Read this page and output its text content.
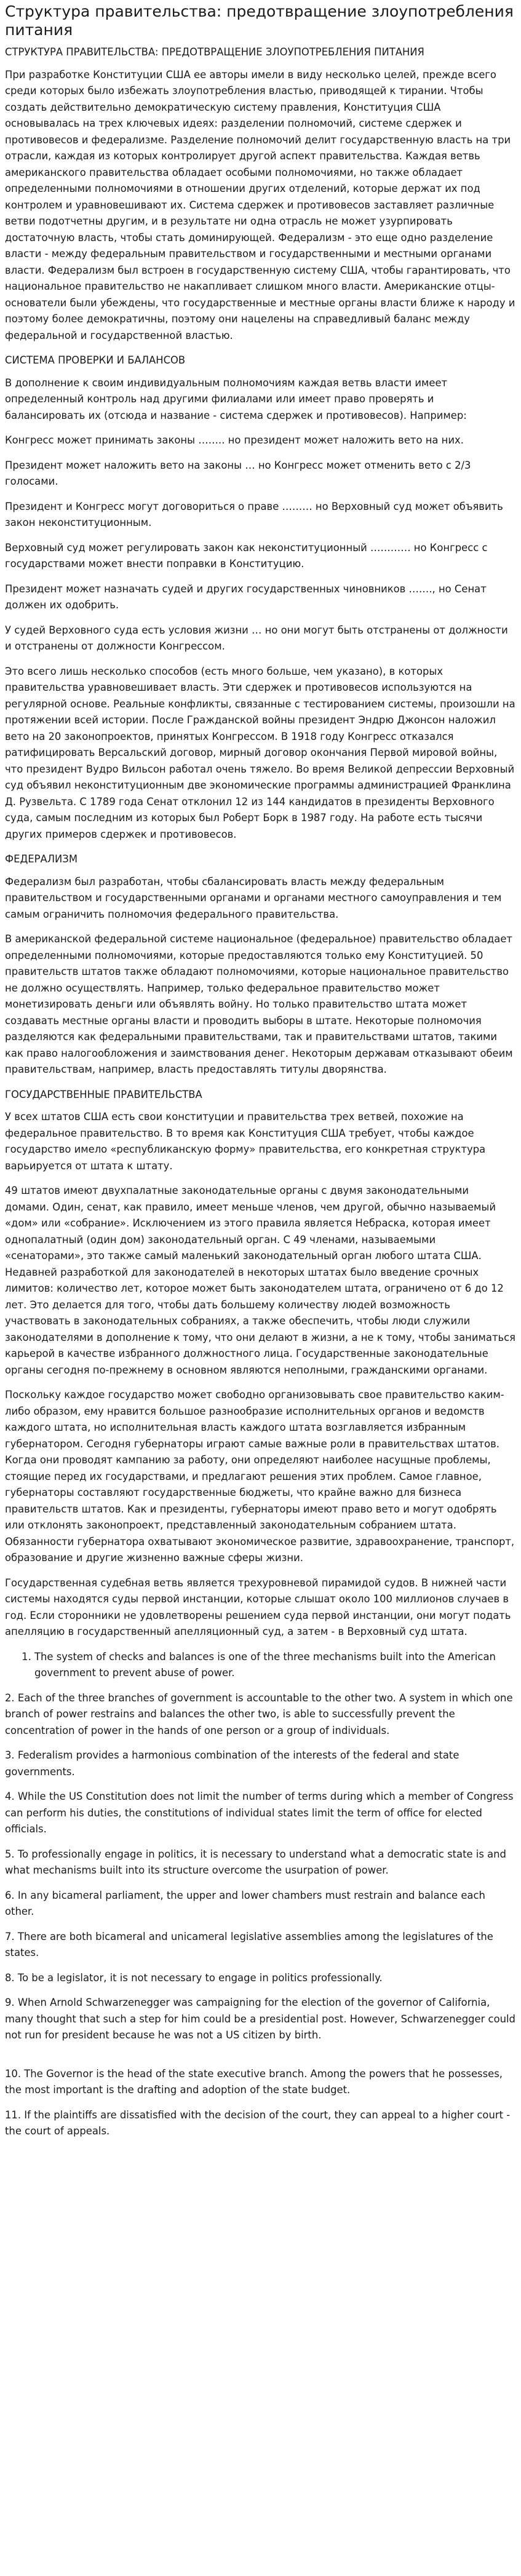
Структура правительства: предотвращение злоупотребления питания

СТРУКТУРА ПРАВИТЕЛЬСТВА: ПРЕДОТВРАЩЕНИЕ ЗЛОУПОТРЕБЛЕНИЯ ПИТАНИЯ

При разработке Конституции США ее авторы имели в виду несколько целей, прежде всего среди которых было избежать злоупотребления властью, приводящей к тирании. Чтобы создать действительно демократическую систему правления, Конституция США основывалась на трех ключевых идеях: разделении полномочий, системе сдержек и противовесов и федерализме. Разделение полномочий делит государственную власть на три отрасли, каждая из которых контролирует другой аспект правительства. Каждая ветвь американского правительства обладает особыми полномочиями, но также обладает определенными полномочиями в отношении других отделений, которые держат их под контролем и уравновешивают их. Система сдержек и противовесов заставляет различные ветви подотчетны другим, и в результате ни одна отрасль не может узурпировать достаточную власть, чтобы стать доминирующей. Федерализм - это еще одно разделение власти - между федеральным правительством и государственными и местными органами власти. Федерализм был встроен в государственную систему США, чтобы гарантировать, что национальное правительство не накапливает слишком много власти. Американские отцы-основатели были убеждены, что государственные и местные органы власти ближе к народу и поэтому более демократичны, поэтому они нацелены на справедливый баланс между федеральной и государственной властью.

СИСТЕМА ПРОВЕРКИ И БАЛАНСОВ

В дополнение к своим индивидуальным полномочиям каждая ветвь власти имеет определенный контроль над другими филиалами или имеет право проверять и балансировать их (отсюда и название - система сдержек и противовесов). Например:

Конгресс может принимать законы …….. но президент может наложить вето на них.

Президент может наложить вето на законы … но Конгресс может отменить вето с 2/3 голосами.

Президент и Конгресс могут договориться о праве ……… но Верховный суд может объявить закон неконституционным.

Верховный суд может регулировать закон как неконституционный ………… но Конгресс с государствами может внести поправки в Конституцию.

Президент может назначать судей и других государственных чиновников ……., но Сенат должен их одобрить.

У судей Верховного суда есть условия жизни … но они могут быть отстранены от должности и отстранены от должности Конгрессом.

Это всего лишь несколько способов (есть много больше, чем указано), в которых правительства уравновешивает власть. Эти сдержек и противовесов используются на регулярной основе. Реальные конфликты, связанные с тестированием системы, произошли на протяжении всей истории. После Гражданской войны президент Эндрю Джонсон наложил вето на 20 законопроектов, принятых Конгрессом. В 1918 году Конгресс отказался ратифицировать Версальский договор, мирный договор окончания Первой мировой войны, что президент Вудро Вильсон работал очень тяжело. Во время Великой депрессии Верховный суд объявил неконституционным две экономические программы администрацией Франклина Д. Рузвельта. С 1789 года Сенат отклонил 12 из 144 кандидатов в президенты Верховного суда, самым последним из которых был Роберт Борк в 1987 году. На работе есть тысячи других примеров сдержек и противовесов.

ФЕДЕРАЛИЗМ

Федерализм был разработан, чтобы сбалансировать власть между федеральным правительством и государственными органами и органами местного самоуправления и тем самым ограничить полномочия федерального правительства.

В американской федеральной системе национальное (федеральное) правительство обладает определенными полномочиями, которые предоставляются только ему Конституцией. 50 правительств штатов также обладают полномочиями, которые национальное правительство не должно осуществлять. Например, только федеральное правительство может монетизировать деньги или объявлять войну. Но только правительство штата может создавать местные органы власти и проводить выборы в штате. Некоторые полномочия разделяются как федеральными правительствами, так и правительствами штатов, такими как право налогообложения и заимствования денег. Некоторым державам отказывают обеим правительствам, например, власть предоставлять титулы дворянства.

ГОСУДАРСТВЕННЫЕ ПРАВИТЕЛЬСТВА

У всех штатов США есть свои конституции и правительства трех ветвей, похожие на федеральное правительство. В то время как Конституция США требует, чтобы каждое государство имело «республиканскую форму» правительства, его конкретная структура варьируется от штата к штату.

49 штатов имеют двухпалатные законодательные органы с двумя законодательными домами. Один, сенат, как правило, имеет меньше членов, чем другой, обычно называемый «дом» или «собрание». Исключением из этого правила является Небраска, которая имеет однопалатный (один дом) законодательный орган. С 49 членами, называемыми «сенаторами», это также самый маленький законодательный орган любого штата США. Недавней разработкой для законодателей в некоторых штатах было введение срочных лимитов: количество лет, которое может быть законодателем штата, ограничено от 6 до 12 лет. Это делается для того, чтобы дать большему количеству людей возможность участвовать в законодательных собраниях, а также обеспечить, чтобы люди служили законодателями в дополнение к тому, что они делают в жизни, а не к тому, чтобы заниматься карьерой в качестве избранного должностного лица. Государственные законодательные органы сегодня по-прежнему в основном являются неполными, гражданскими органами.

Поскольку каждое государство может свободно организовывать свое правительство каким-либо образом, ему нравится большое разнообразие исполнительных органов и ведомств каждого штата, но исполнительная власть каждого штата возглавляется избранным губернатором. Сегодня губернаторы играют самые важные роли в правительствах штатов. Когда они проводят кампанию за работу, они определяют наиболее насущные проблемы, стоящие перед их государствами, и предлагают решения этих проблем. Самое главное, губернаторы составляют государственные бюджеты, что крайне важно для бизнеса правительств штатов. Как и президенты, губернаторы имеют право вето и могут одобрять или отклонять законопроект, представленный законодательным собранием штата. Обязанности губернатора охватывают экономическое развитие, здравоохранение, транспорт, образование и другие жизненно важные сферы жизни.

Государственная судебная ветвь является трехуровневой пирамидой судов. В нижней части системы находятся суды первой инстанции, которые слышат около 100 миллионов случаев в год. Если сторонники не удовлетворены решением суда первой инстанции, они могут подать апелляцию в государственный апелляционный суд, а затем - в Верховный суд штата.

1. The system of checks and balances is one of the three mechanisms built into the American government to prevent abuse of power.

2. Each of the three branches of government is accountable to the other two. A system in which one branch of power restrains and balances the other two, is able to successfully prevent the concentration of power in the hands of one person or a group of individuals.

3. Federalism provides a harmonious combination of the interests of the federal and state governments.

4. While the US Constitution does not limit the number of terms during which a member of Congress can perform his duties, the constitutions of individual states limit the term of office for elected officials.

5. To professionally engage in politics, it is necessary to understand what a democratic state is and what mechanisms built into its structure overcome the usurpation of power.

6. In any bicameral parliament, the upper and lower chambers must restrain and balance each other.

7. There are both bicameral and unicameral legislative assemblies among the legislatures of the states.

8. To be a legislator, it is not necessary to engage in politics professionally.

9. When Arnold Schwarzenegger was campaigning for the election of the governor of California, many thought that such a step for him could be a presidential post. However, Schwarzenegger could not run for president because he was not a US citizen by birth.

10. The Governor is the head of the state executive branch. Among the powers that he possesses, the most important is the drafting and adoption of the state budget.

11. If the plaintiffs are dissatisfied with the decision of the court, they can appeal to a higher court - the court of appeals.
